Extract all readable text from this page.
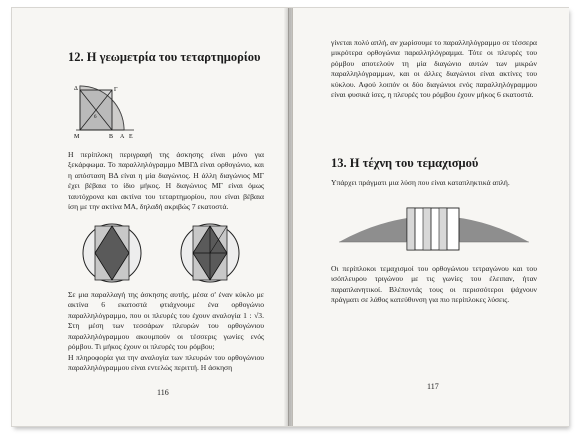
12. Η γεωμετρία του τεταρτημορίου
Γ
M	B A E
Δ
6

Η περίπλοκη περιγραφή της άσκησης είναι μόνο για ξεκάρφωμα. Το παραλληλόγραμμο ΜΒΓΔ είναι ορθογώνιο, και η απόσταση ΒΔ είναι η μία διαγώνιος. Η άλλη διαγώνιος ΜΓ έχει βέβαια το ίδιο μήκος. Η διαγώνιος ΜΓ είναι όμως ταυτόχρονα και ακτίνα του τεταρτημορίου, που είναι βέβαια ίση με την ακτίνα ΜΑ, δηλαδή ακριβώς 7 εκατοστά.

Σε μια παραλλαγή της άσκησης αυτής, μέσα σ' έναν κύκλο με ακτίνα 6 εκατοστά φτιάχνουμε ένα ορθογώνιο παραλληλόγραμμο, που οι πλευρές του έχουν αναλογία 1 : √3. Στη μέση των τεσσάρων πλευρών του ορθογώνιου παραλληλόγραμμου ακουμπούν οι τέσσερις γωνίες ενός ρόμβου. Τι μήκος έχουν οι πλευρές του ρόμβου;

Η πληροφορία για την αναλογία των πλευρών του ορθογώνιου παραλληλόγραμμου είναι εντελώς περιττή. Η άσκηση

116

γίνεται πολύ απλή, αν χωρίσουμε το παραλληλόγραμμο σε τέσσερα μικρότερα ορθογώνια παραλληλόγραμμα. Τότε οι πλευρές του ρόμβου αποτελούν τη μία διαγώνιο αυτών των μικρών παραλληλόγραμμων, και οι άλλες διαγώνιοι είναι ακτίνες του κύκλου. Αφού λοιπόν οι δύο διαγώνιοι ενός παραλληλόγραμμου είναι φυσικά ίσες, η πλευρές του ρόμβου έχουν μήκος 6 εκατοστά.

13. Η τέχνη του τεμαχισμού

Υπάρχει πράγματι μια λύση που είναι καταπληκτικά απλή.

Οι περίπλοκοι τεμαχισμοί του ορθογώνιου τετραγώνου και του ισόπλευρου τριγώνου με τις γωνίες του έλειπαν, ήταν παραπλανητικοί. Βλέποντάς τους οι περισσότεροι ψάχνουν πράγματι σε λάθος κατεύθυνση για πιο περίπλοκες λύσεις.

117
